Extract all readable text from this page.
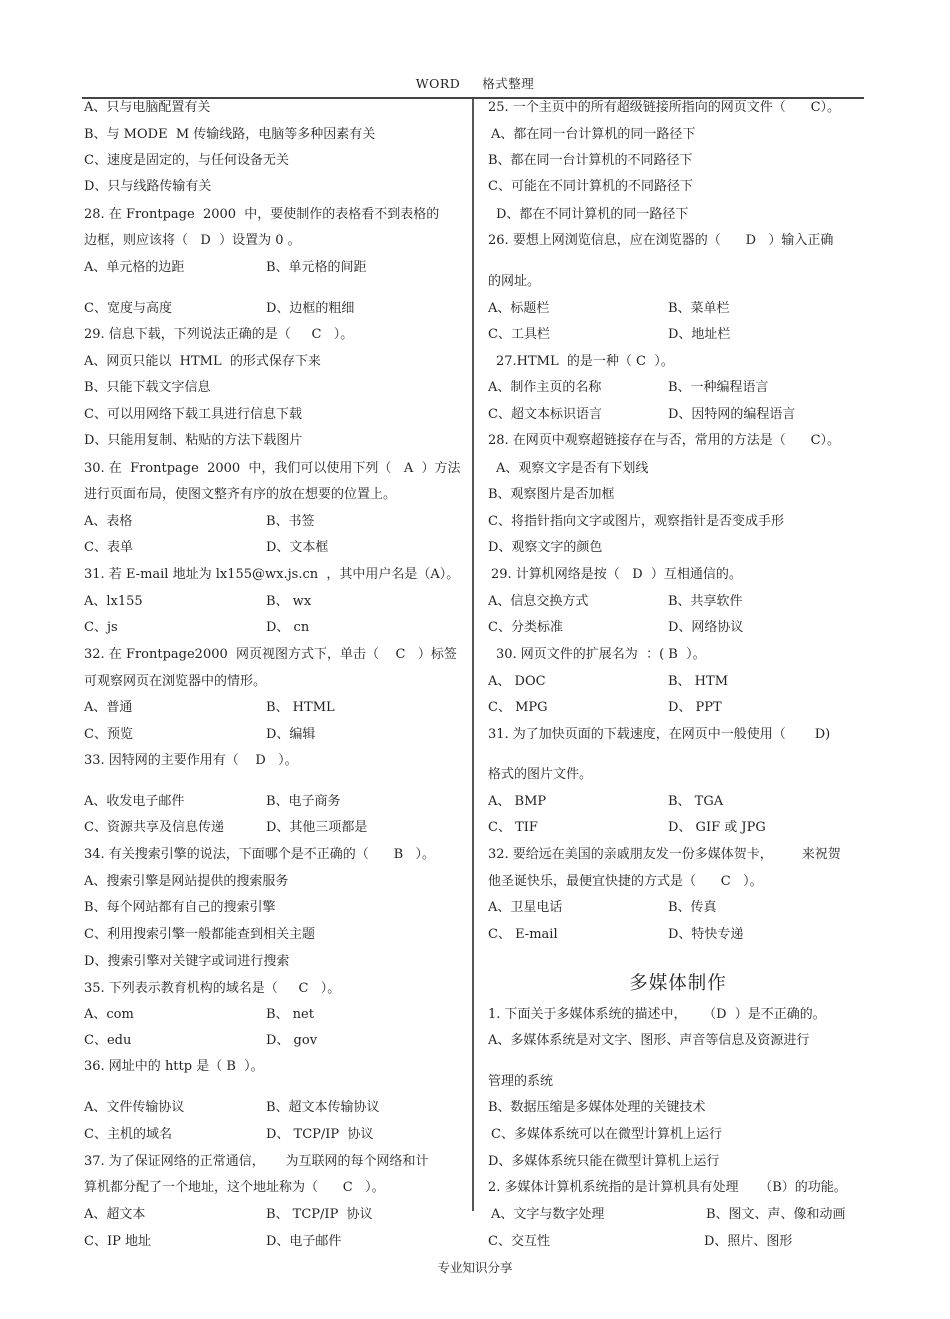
WORD 格式整理
A、只与电脑配置有关
B、与 MODE  M 传输线路，电脑等多种因素有关
C、速度是固定的，与任何设备无关
D、只与线路传输有关
28. 在 Frontpage  2000  中，要使制作的表格看不到表格的
边框，则应该将（   D  ）设置为 0 。
A、单元格的边距	B、单元格的间距
C、宽度与高度	D、边框的粗细
29. 信息下载，下列说法正确的是（     C   ）。
A、网页只能以  HTML  的形式保存下来
B、只能下载文字信息
C、可以用网络下载工具进行信息下载
D、只能用复制、粘贴的方法下载图片
30. 在  Frontpage  2000  中，我们可以使用下列（   A  ）方法
进行页面布局，使图文整齐有序的放在想要的位置上。
A、表格	B、书签
C、表单	D、文本框
31. 若 E-mail 地址为 lx155@wx.js.cn  ，其中用户名是（A）。
A、lx155	B、 wx
C、js	D、 cn
32. 在 Frontpage2000  网页视图方式下，单击（    C   ）标签
可观察网页在浏览器中的情形。
A、普通	B、 HTML
C、预览	D、编辑
33. 因特网的主要作用有（    D   ）。
A、收发电子邮件	B、电子商务
C、资源共享及信息传递	D、其他三项都是
34. 有关搜索引擎的说法，下面哪个是不正确的（      B   ）。
A、搜索引擎是网站提供的搜索服务
B、每个网站都有自己的搜索引擎
C、利用搜索引擎一般都能查到相关主题
D、搜索引擎对关键字或词进行搜索
35. 下列表示教育机构的域名是（     C   ）。
A、com	B、 net
C、edu	D、 gov
36. 网址中的 http 是（ B  ）。
A、文件传输协议	B、超文本传输协议
C、主机的域名	D、 TCP/IP  协议
37. 为了保证网络的正常通信，     为互联网的每个网络和计
算机都分配了一个地址，这个地址称为（      C   ）。
A、超文本	B、 TCP/IP  协议
C、IP 地址	D、电子邮件
多媒体制作
25. 一个主页中的所有超级链接所指向的网页文件（      C）。
A、都在同一台计算机的同一路径下
B、都在同一台计算机的不同路径下
C、可能在不同计算机的不同路径下
D、都在不同计算机的同一路径下
26. 要想上网浏览信息，应在浏览器的（      D   ）输入正确
的网址。
A、标题栏	B、菜单栏
C、工具栏	D、地址栏
27.HTML  的是一种（ C  ）。
A、制作主页的名称	B、一种编程语言
C、超文本标识语言	D、因特网的编程语言
28. 在网页中观察超链接存在与否，常用的方法是（      C）。
A、观察文字是否有下划线
B、观察图片是否加框
C、将指针指向文字或图片，观察指针是否变成手形
D、观察文字的颜色
29. 计算机网络是按（   D  ）互相通信的。
A、信息交换方式	B、共享软件
C、分类标准	D、网络协议
30. 网页文件的扩展名为  ：( B  ）。
A、 DOC	B、 HTM
C、 MPG	D、 PPT
31. 为了加快页面的下载速度，在网页中一般使用（       D)
格式的图片文件。
A、 BMP	B、 TGA
C、 TIF	D、 GIF 或 JPG
32. 要给远在美国的亲戚朋友发一份多媒体贺卡，       来祝贺
他圣诞快乐，最便宜快捷的方式是（      C   ）。
A、卫星电话	B、传真
C、 E-mail	D、特快专递
1. 下面关于多媒体系统的描述中，    （D  ）是不正确的。
A、多媒体系统是对文字、图形、声音等信息及资源进行
管理的系统
B、数据压缩是多媒体处理的关键技术
C、多媒体系统可以在微型计算机上运行
D、多媒体系统只能在微型计算机上运行
2. 多媒体计算机系统指的是计算机具有处理     （B）的功能。
A、文字与数字处理	B、图文、声、像和动画
C、交互性	D、照片、图形
专业知识分享
